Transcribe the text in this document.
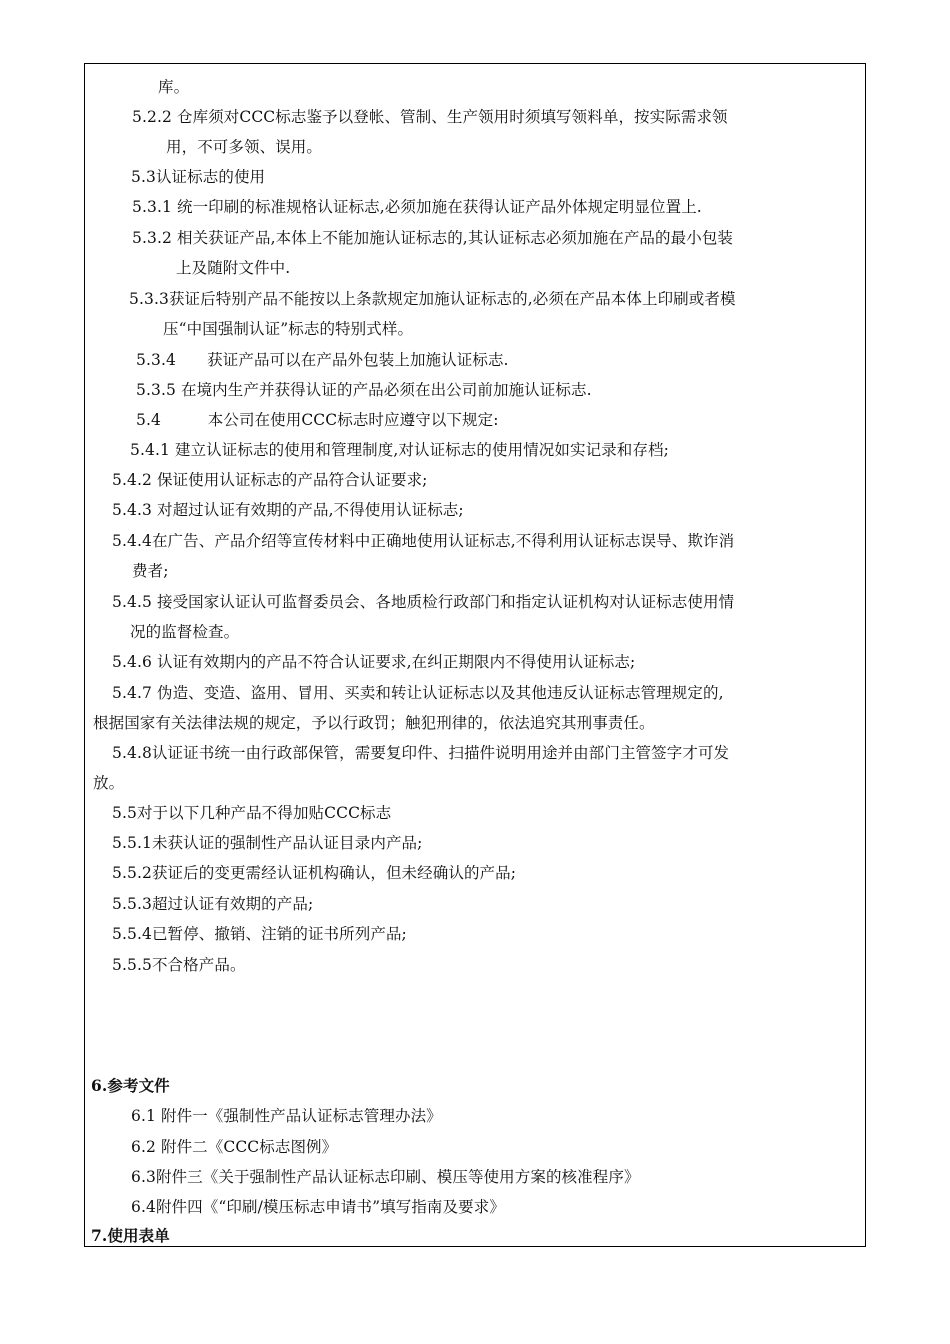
库。
5.2.2 仓库须对CCC标志鉴予以登帐、管制、生产领用时须填写领料单，按实际需求领
用，不可多领、误用。
5.3认证标志的使用
5.3.1 统一印刷的标准规格认证标志,必须加施在获得认证产品外体规定明显位置上.
5.3.2 相关获证产品,本体上不能加施认证标志的,其认证标志必须加施在产品的最小包装
上及随附文件中.
5.3.3获证后特别产品不能按以上条款规定加施认证标志的,必须在产品本体上印刷或者模
压“中国强制认证”标志的特别式样。
5.3.4　　获证产品可以在产品外包装上加施认证标志.
5.3.5 在境内生产并获得认证的产品必须在出公司前加施认证标志.
5.4　　　本公司在使用CCC标志时应遵守以下规定:
5.4.1 建立认证标志的使用和管理制度,对认证标志的使用情况如实记录和存档;
5.4.2 保证使用认证标志的产品符合认证要求;
5.4.3 对超过认证有效期的产品,不得使用认证标志;
5.4.4在广告、产品介绍等宣传材料中正确地使用认证标志,不得利用认证标志误导、欺诈消
费者;
5.4.5 接受国家认证认可监督委员会、各地质检行政部门和指定认证机构对认证标志使用情
况的监督检查。
5.4.6 认证有效期内的产品不符合认证要求,在纠正期限内不得使用认证标志;
5.4.7 伪造、变造、盗用、冒用、买卖和转让认证标志以及其他违反认证标志管理规定的,
根据国家有关法律法规的规定，予以行政罚；触犯刑律的，依法追究其刑事责任。
5.4.8认证证书统一由行政部保管，需要复印件、扫描件说明用途并由部门主管签字才可发
放。
5.5对于以下几种产品不得加贴CCC标志
5.5.1未获认证的强制性产品认证目录内产品;
5.5.2获证后的变更需经认证机构确认，但未经确认的产品;
5.5.3超过认证有效期的产品;
5.5.4已暂停、撤销、注销的证书所列产品;
5.5.5不合格产品。
6.参考文件
6.1 附件一《强制性产品认证标志管理办法》
6.2 附件二《CCC标志图例》
6.3附件三《关于强制性产品认证标志印刷、模压等使用方案的核准程序》
6.4附件四《“印刷/模压标志申请书”填写指南及要求》
7.使用表单
